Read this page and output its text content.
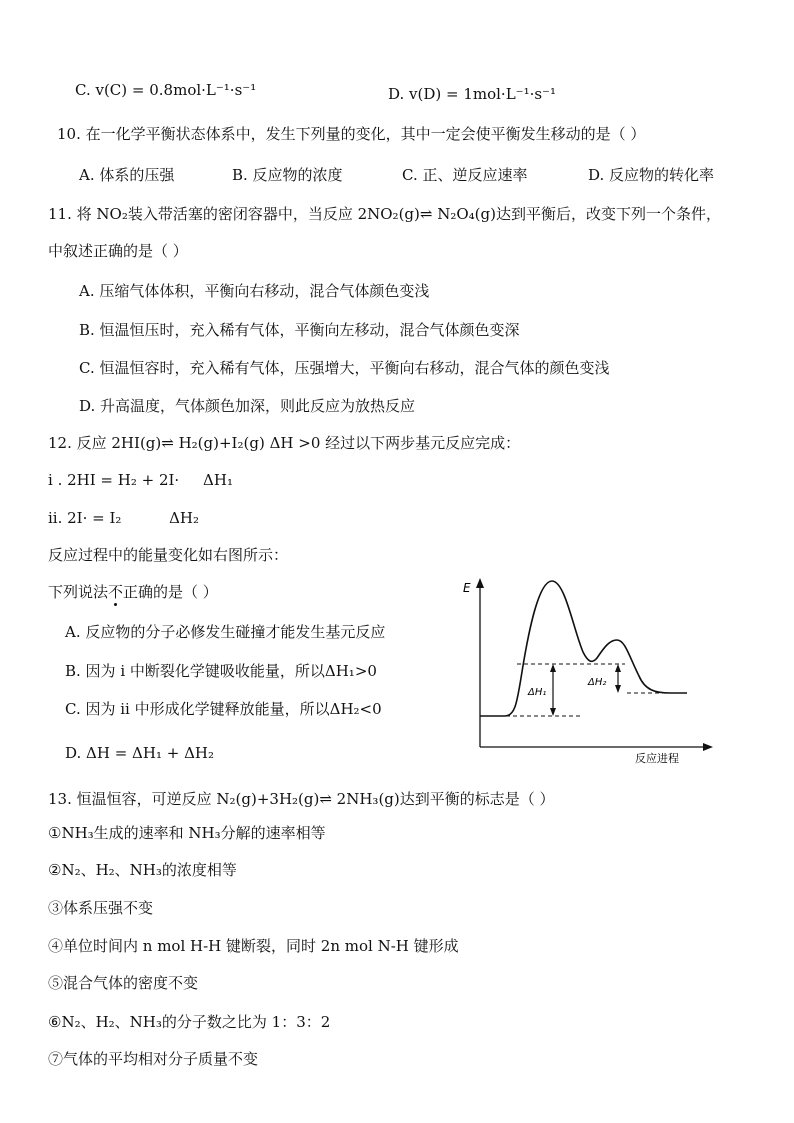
C. v(C) = 0.8mol·L⁻¹·s⁻¹	D. v(D) = 1mol·L⁻¹·s⁻¹
10. 在一化学平衡状态体系中，发生下列量的变化，其中一定会使平衡发生移动的是（ ）
A. 体系的压强	B. 反应物的浓度	C. 正、逆反应速率	D. 反应物的转化率
11. 将 NO₂装入带活塞的密闭容器中，当反应 2NO₂(g)⇌ N₂O₄(g)达到平衡后，改变下列一个条件，
中叙述正确的是（ ）
A. 压缩气体体积，平衡向右移动，混合气体颜色变浅
B. 恒温恒压时，充入稀有气体，平衡向左移动，混合气体颜色变深
C. 恒温恒容时，充入稀有气体，压强增大，平衡向右移动，混合气体的颜色变浅
D. 升高温度，气体颜色加深，则此反应为放热反应
12. 反应 2HI(g)⇌ H₂(g)+I₂(g) ΔH >0 经过以下两步基元反应完成：
i . 2HI = H₂ + 2I·     ΔH₁
ii. 2I· = I₂          ΔH₂
反应过程中的能量变化如右图所示：
下列说法不
正确的是（ ）
A. 反应物的分子必修发生碰撞才能发生基元反应
B. 因为 i 中断裂化学键吸收能量，所以ΔH₁>0
C. 因为 ii 中形成化学键释放能量，所以ΔH₂<0
D. ΔH = ΔH₁ + ΔH₂
E
反应进程
ΔH₁
ΔH₂
13. 恒温恒容，可逆反应 N₂(g)+3H₂(g)⇌ 2NH₃(g)达到平衡的标志是（ ）
①NH₃生成的速率和 NH₃分解的速率相等
②N₂、H₂、NH₃的浓度相等
③体系压强不变
④单位时间内 n mol H-H 键断裂，同时 2n mol N-H 键形成
⑤混合气体的密度不变
⑥N₂、H₂、NH₃的分子数之比为 1：3：2
⑦气体的平均相对分子质量不变
